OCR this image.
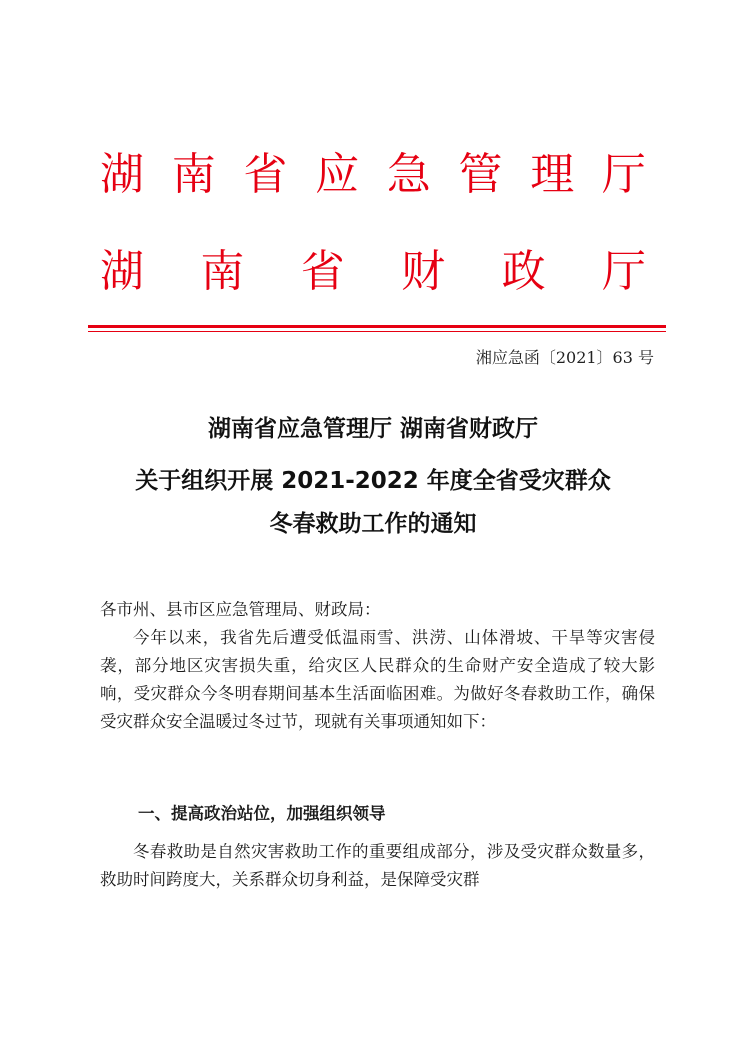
湖 南 省 应 急 管 理 厅
湖 南 省 财 政 厅
湘应急函〔2021〕63 号
湖南省应急管理厅 湖南省财政厅
关于组织开展 2021-2022 年度全省受灾群众
冬春救助工作的通知
各市州、县市区应急管理局、财政局：
今年以来，我省先后遭受低温雨雪、洪涝、山体滑坡、干旱等灾害侵袭，部分地区灾害损失重，给灾区人民群众的生命财产安全造成了较大影响，受灾群众今冬明春期间基本生活面临困难。为做好冬春救助工作，确保受灾群众安全温暖过冬过节，现就有关事项通知如下：
一、提高政治站位，加强组织领导
冬春救助是自然灾害救助工作的重要组成部分，涉及受灾群众数量多，救助时间跨度大，关系群众切身利益，是保障受灾群
